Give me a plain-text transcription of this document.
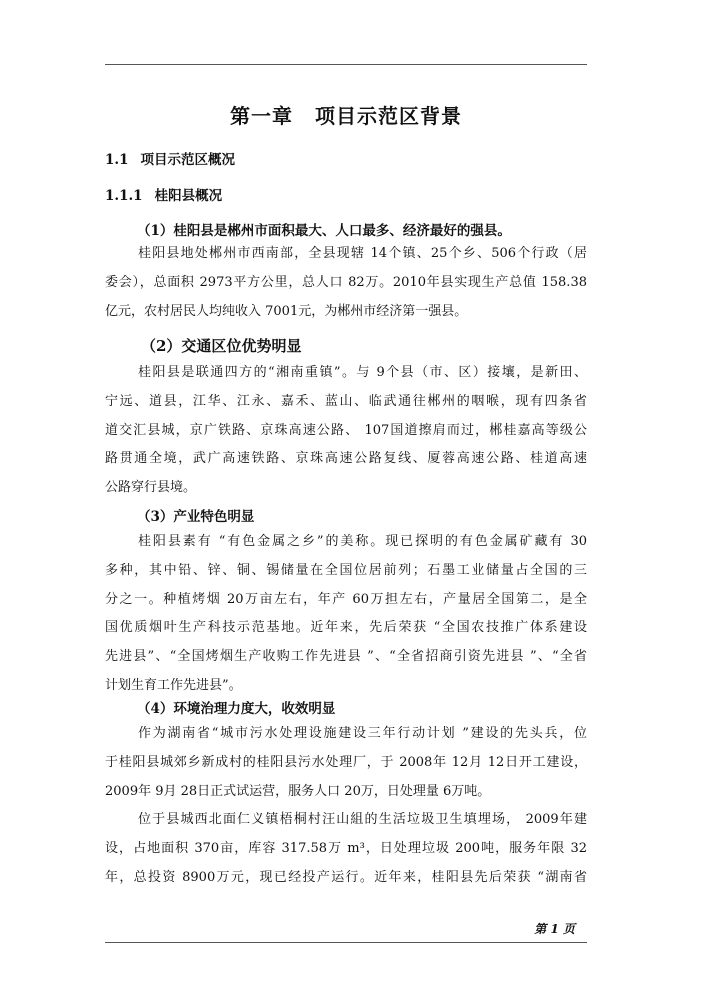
第一章 项目示范区背景
1.1 项目示范区概况
1.1.1 桂阳县概况

（1）桂阳县是郴州市面积最大、人口最多、经济最好的强县。

桂阳县地处郴州市西南部，全县现辖 14个镇、25个乡、506个行政（居
委会），总面积 2973平方公里，总人口 82万。2010年县实现生产总值 158.38
亿元，农村居民人均纯收入 7001元，为郴州市经济第一强县。

（2）交通区位优势明显

桂阳县是联通四方的“湘南重镇”。与 9个县（市、区）接壤，是新田、
宁远、道县，江华、江永、嘉禾、蓝山、临武通往郴州的咽喉，现有四条省
道交汇县城，京广铁路、京珠高速公路、 107国道擦肩而过，郴桂嘉高等级公
路贯通全境，武广高速铁路、京珠高速公路复线、厦蓉高速公路、桂道高速
公路穿行县境。

（3）产业特色明显

桂阳县素有 “有色金属之乡”的美称。现已探明的有色金属矿藏有 30
多种，其中铅、锌、铜、锡储量在全国位居前列；石墨工业储量占全国的三
分之一。种植烤烟 20万亩左右，年产 60万担左右，产量居全国第二，是全
国优质烟叶生产科技示范基地。近年来，先后荣获 “全国农技推广体系建设
先进县”、“全国烤烟生产收购工作先进县 ”、“全省招商引资先进县 ”、“全省
计划生育工作先进县”。

（4）环境治理力度大，收效明显

作为湖南省“城市污水处理设施建设三年行动计划 ”建设的先头兵，位
于桂阳县城郊乡新成村的桂阳县污水处理厂，于 2008年 12月 12日开工建设，
2009年 9月 28日正式试运营，服务人口 20万，日处理量 6万吨。
位于县城西北面仁义镇梧桐村汪山組的生活垃圾卫生填埋场， 2009年建
设，占地面积 370亩，库容 317.58万 m³，日处理垃圾 200吨，服务年限 32
年，总投资 8900万元，现已经投产运行。近年来，桂阳县先后荣获 “湖南省

第 1 页
